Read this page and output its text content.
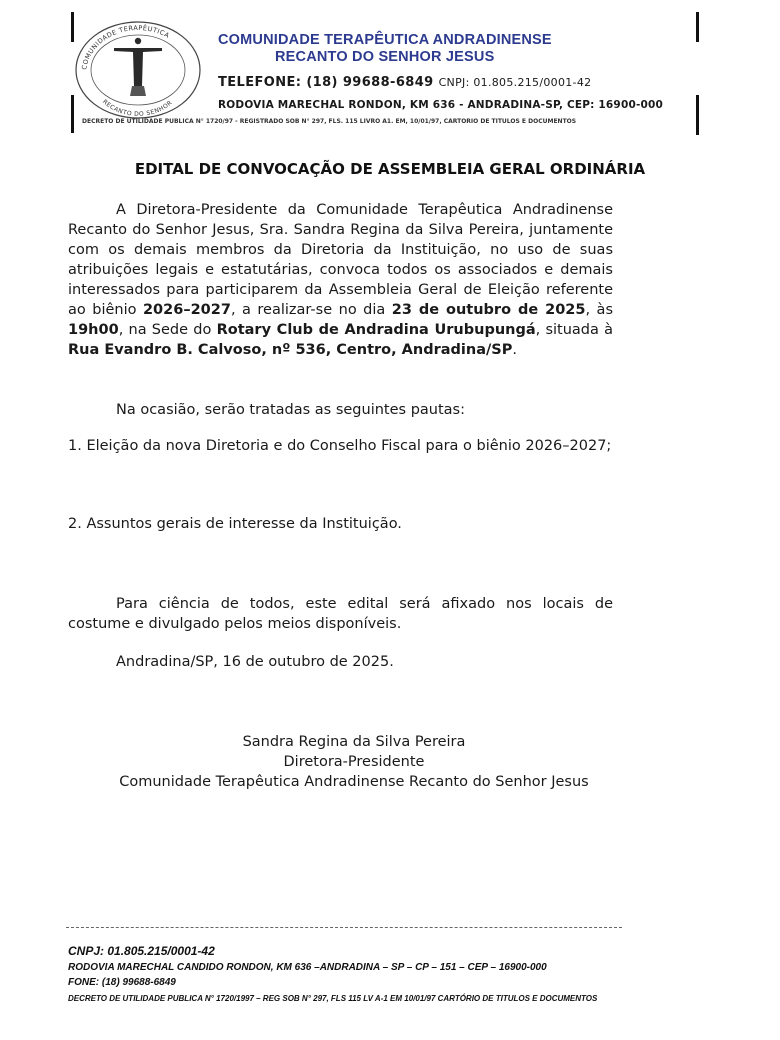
COMUNIDADE TERAPÊUTICA
RECANTO DO SENHOR
COMUNIDADE TERAPÊUTICA ANDRADINENSE
RECANTO DO SENHOR JESUS
TELEFONE: (18) 99688-6849 CNPJ: 01.805.215/0001-42
RODOVIA MARECHAL RONDON, KM 636 - ANDRADINA-SP, CEP: 16900-000
DECRETO DE UTILIDADE PUBLICA N° 1720/97 - REGISTRADO SOB N° 297, FLS. 115 LIVRO A1. EM, 10/01/97, CARTORIO DE TITULOS E DOCUMENTOS
EDITAL DE CONVOCAÇÃO DE ASSEMBLEIA GERAL ORDINÁRIA
A Diretora-Presidente da Comunidade Terapêutica Andradinense Recanto do Senhor Jesus, Sra. Sandra Regina da Silva Pereira, juntamente com os demais membros da Diretoria da Instituição, no uso de suas atribuições legais e estatutárias, convoca todos os associados e demais interessados para participarem da Assembleia Geral de Eleição referente ao biênio 2026–2027, a realizar-se no dia 23 de outubro de 2025, às 19h00, na Sede do Rotary Club de Andradina Urubupungá, situada à Rua Evandro B. Calvoso, nº 536, Centro, Andradina/SP.
Na ocasião, serão tratadas as seguintes pautas:
1. Eleição da nova Diretoria e do Conselho Fiscal para o biênio 2026–2027;
2. Assuntos gerais de interesse da Instituição.
Para ciência de todos, este edital será afixado nos locais de costume e divulgado pelos meios disponíveis.
Andradina/SP, 16 de outubro de 2025.
Sandra Regina da Silva Pereira
Diretora-Presidente
Comunidade Terapêutica Andradinense Recanto do Senhor Jesus
CNPJ: 01.805.215/0001-42
RODOVIA MARECHAL CANDIDO RONDON, KM 636 –ANDRADINA – SP – CP – 151 – CEP – 16900-000
FONE: (18) 99688-6849
DECRETO DE UTILIDADE PUBLICA N° 1720/1997 – REG SOB N° 297, FLS 115 LV A-1 EM 10/01/97 CARTÓRIO DE TITULOS E DOCUMENTOS
